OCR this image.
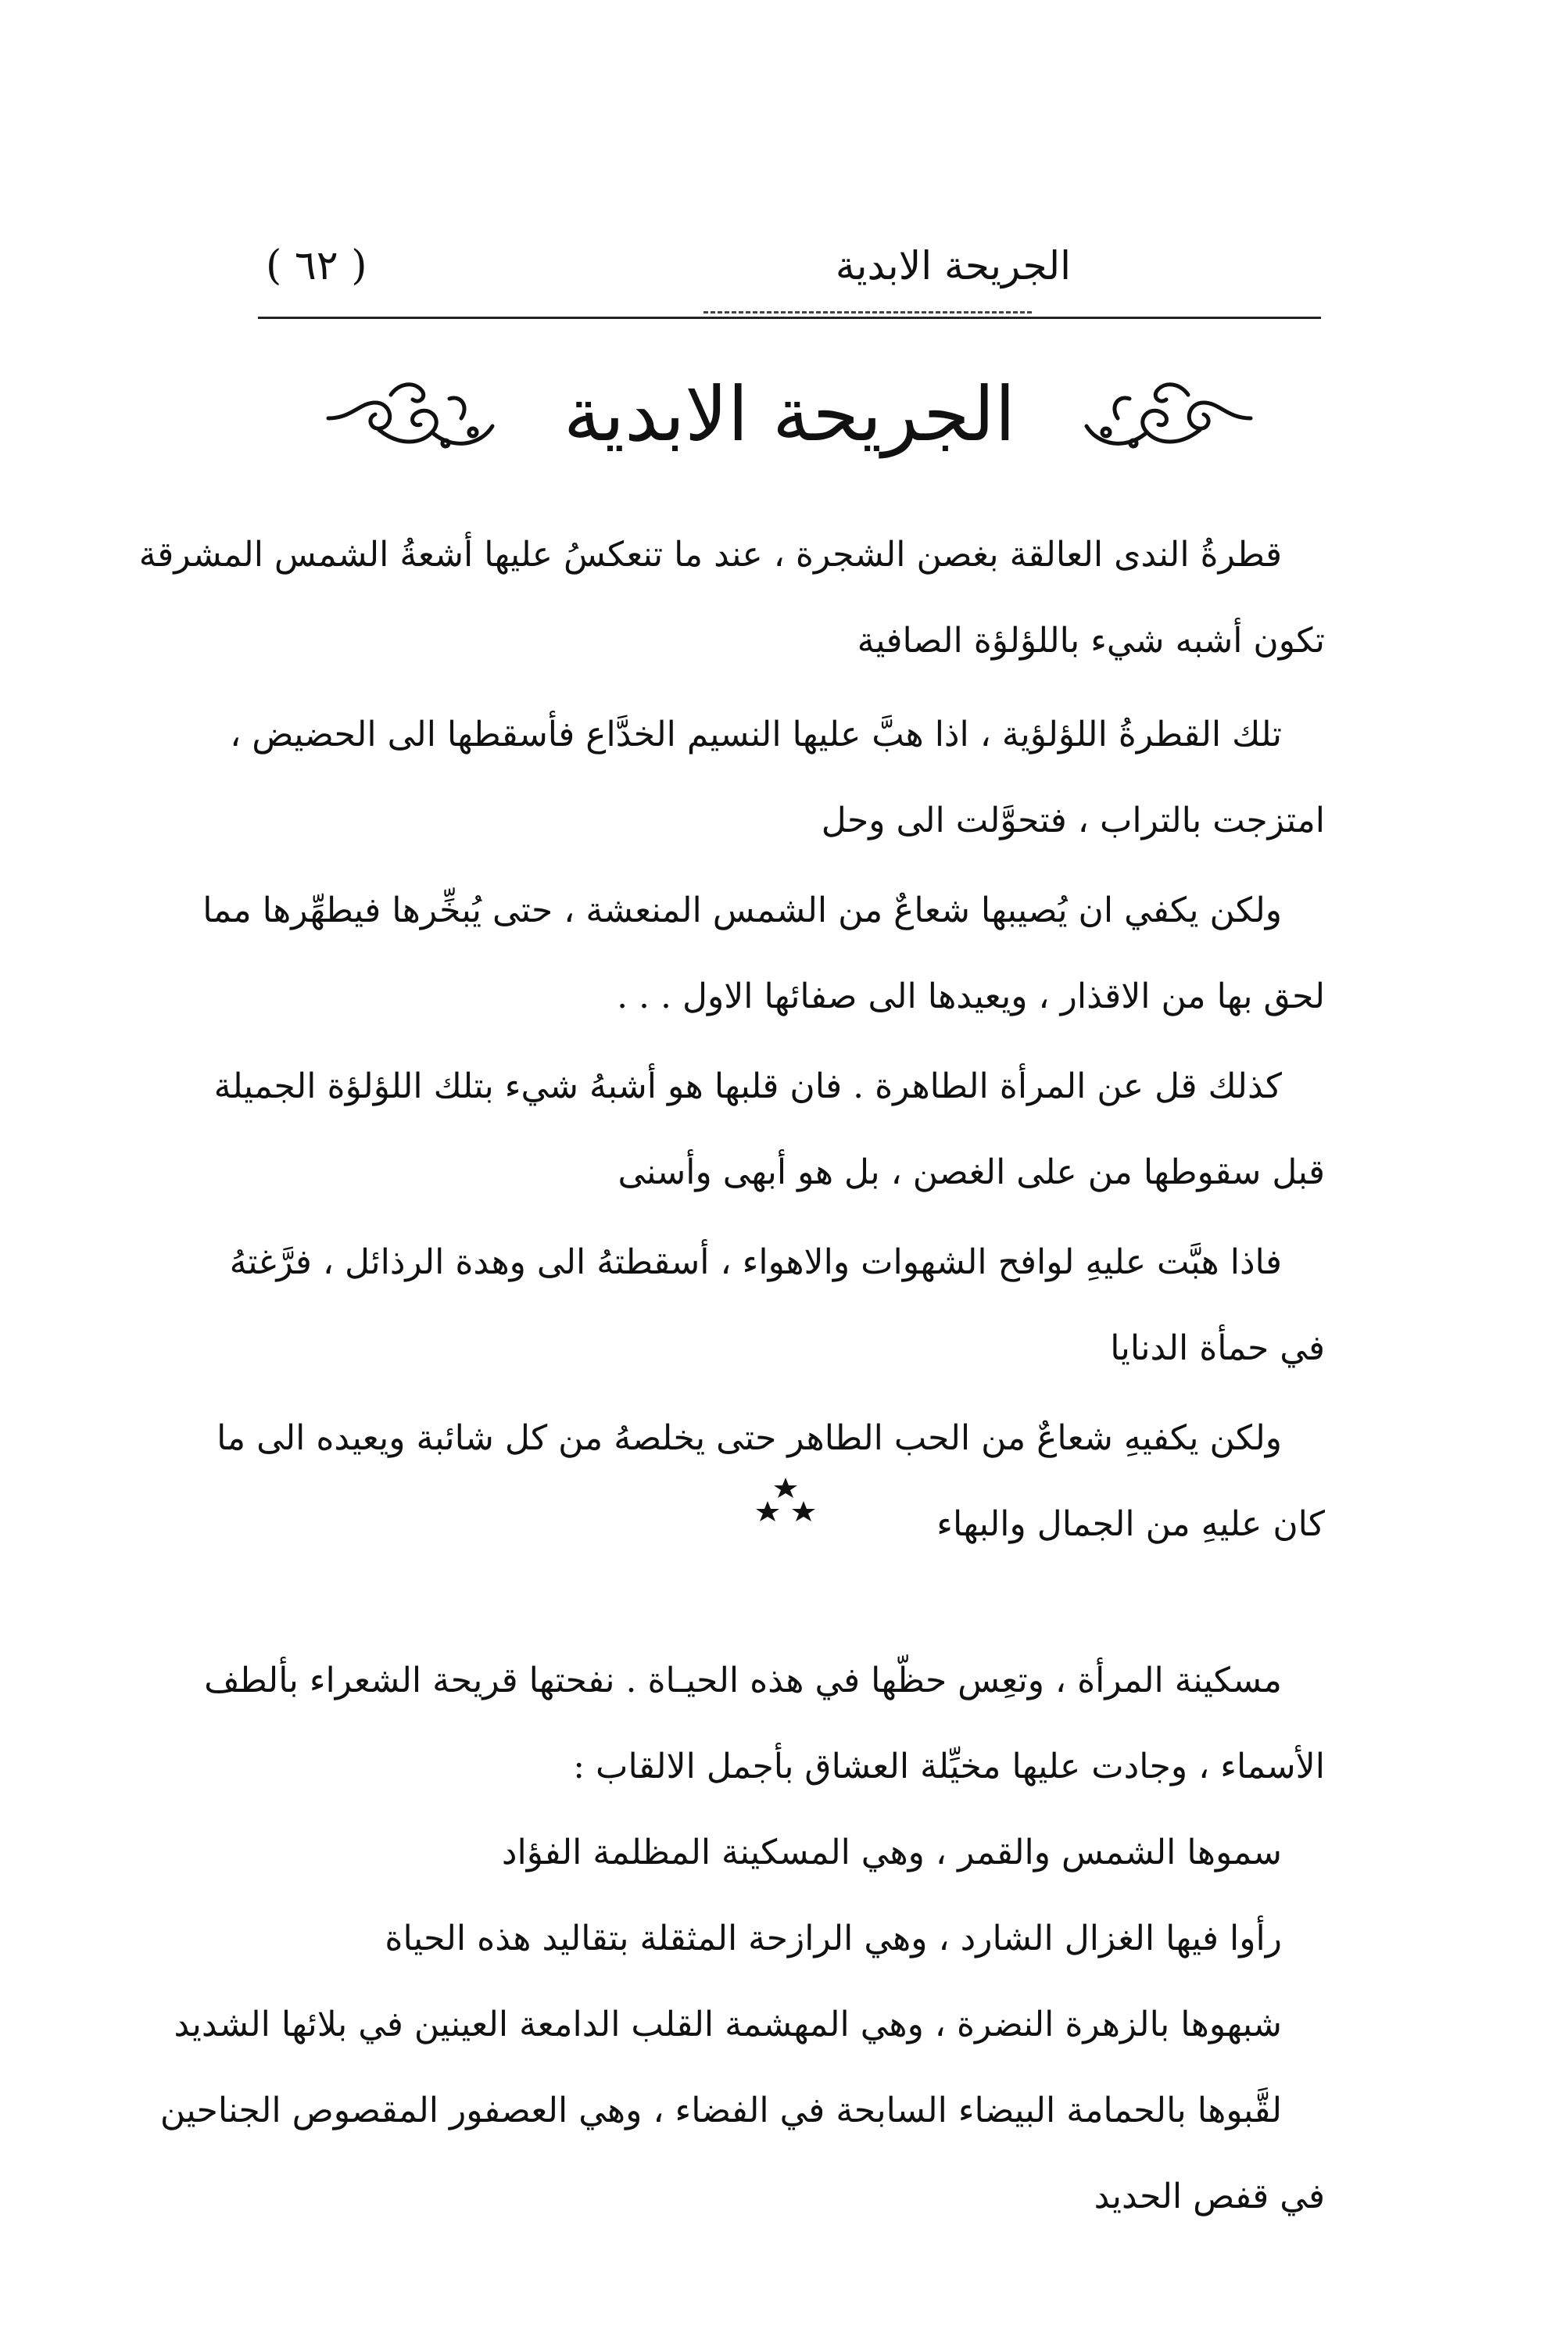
الجريحة الابدية
( ٦٢ )
الجريحة الابدية
قطرةُ الندى العالقة بغصن الشجرة ، عند ما تنعكسُ عليها أشعةُ الشمس المشرقة
تكون أشبه شيء باللؤلؤة الصافية
تلك القطرةُ اللؤلؤية ، اذا هبَّ عليها النسيم الخدَّاع فأسقطها الى الحضيض ،
امتزجت بالتراب ، فتحوَّلت الى وحل
ولكن يكفي ان يُصيبها شعاعٌ من الشمس المنعشة ، حتى يُبخِّرها فيطهِّرها مما
لحق بها من الاقذار ، ويعيدها الى صفائها الاول . . .
كذلك قل عن المرأة الطاهرة . فان قلبها هو أشبهُ شيء بتلك اللؤلؤة الجميلة
قبل سقوطها من على الغصن ، بل هو أبهى وأسنى
فاذا هبَّت عليهِ لوافح الشهوات والاهواء ، أسقطتهُ الى وهدة الرذائل ، فرَّغتهُ
في حمأة الدنايا
ولكن يكفيهِ شعاعٌ من الحب الطاهر حتى يخلصهُ من كل شائبة ويعيده الى ما
كان عليهِ من الجمال والبهاء
مسكينة المرأة ، وتعِس حظّها في هذه الحيـاة . نفحتها قريحة الشعراء بألطف
الأسماء ، وجادت عليها مخيِّلة العشاق بأجمل الالقاب :
سموها الشمس والقمر ، وهي المسكينة المظلمة الفؤاد
رأوا فيها الغزال الشارد ، وهي الرازحة المثقلة بتقاليد هذه الحياة
شبهوها بالزهرة النضرة ، وهي المهشمة القلب الدامعة العينين في بلائها الشديد
لقَّبوها بالحمامة البيضاء السابحة في الفضاء ، وهي العصفور المقصوص الجناحين
في قفص الحديد
